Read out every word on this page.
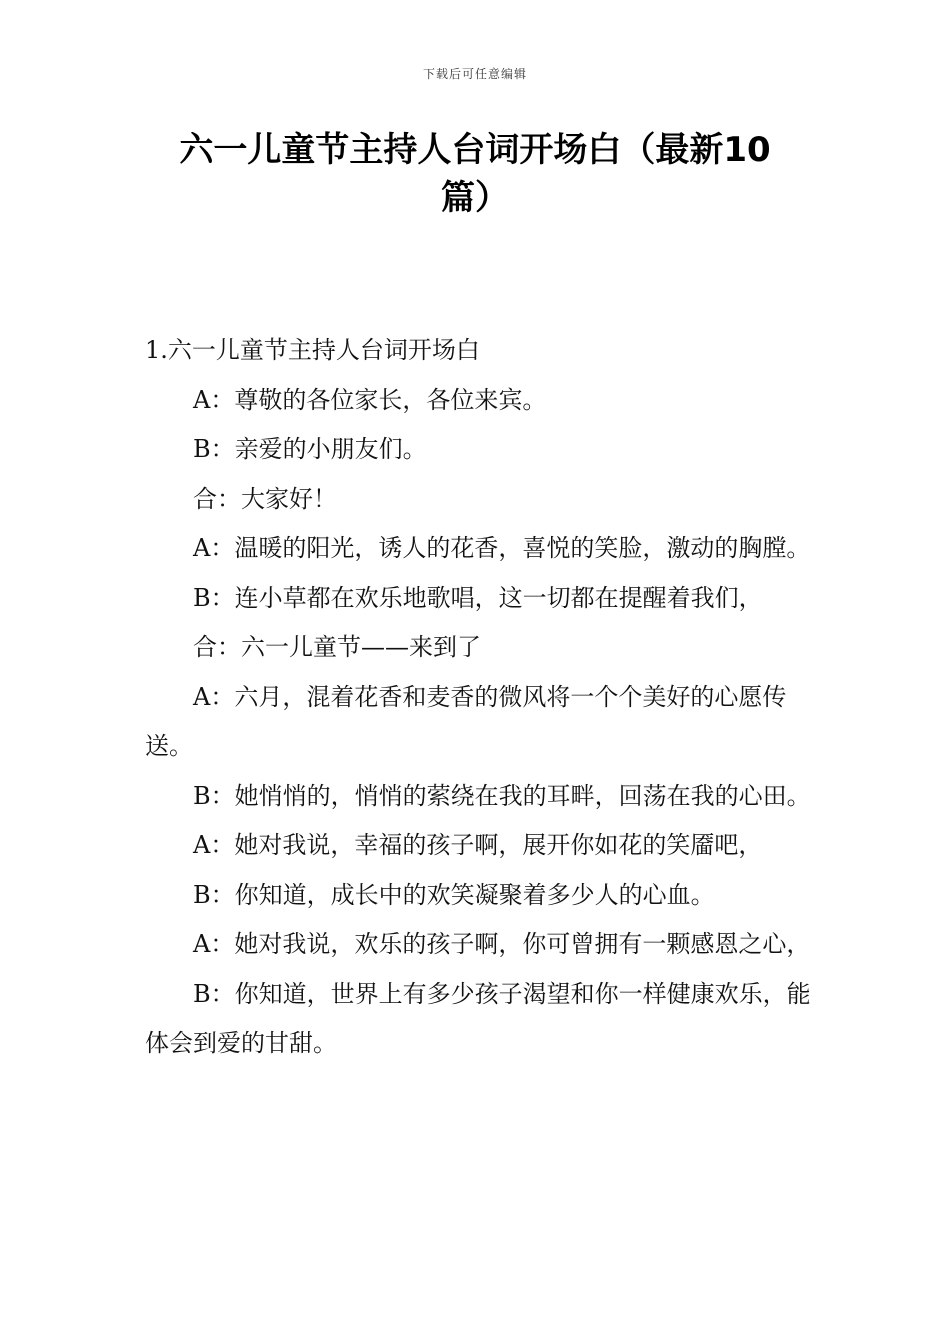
下载后可任意编辑
六一儿童节主持人台词开场白（最新10
篇）

1.六一儿童节主持人台词开场白

A：尊敬的各位家长，各位来宾。

B：亲爱的小朋友们。

合：大家好！

A：温暖的阳光，诱人的花香，喜悦的笑脸，激动的胸膛。

B：连小草都在欢乐地歌唱，这一切都在提醒着我们，

合：六一儿童节——来到了

A：六月，混着花香和麦香的微风将一个个美好的心愿传送。

B：她悄悄的，悄悄的萦绕在我的耳畔，回荡在我的心田。

A：她对我说，幸福的孩子啊，展开你如花的笑靥吧，

B：你知道，成长中的欢笑凝聚着多少人的心血。

A：她对我说，欢乐的孩子啊，你可曾拥有一颗感恩之心，

B：你知道，世界上有多少孩子渴望和你一样健康欢乐，能体会到爱的甘甜。
